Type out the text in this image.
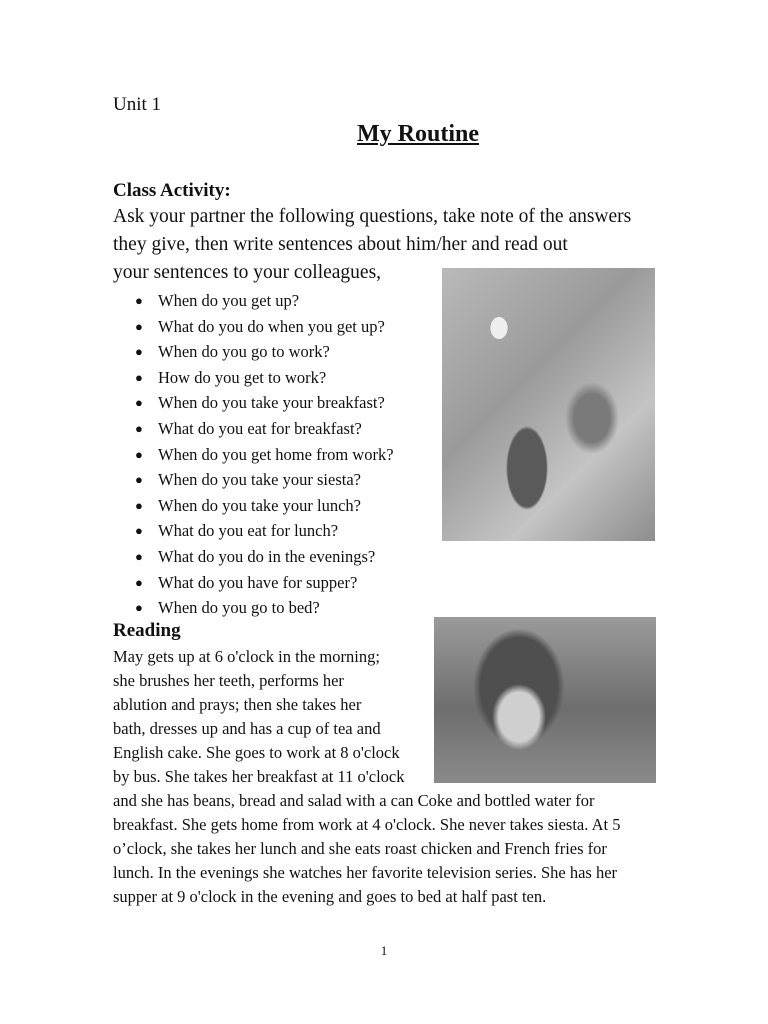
Unit 1
My Routine
Class Activity:
Ask your partner the following questions, take note of the answers
they give, then write sentences about him/her and read out
your sentences to your colleagues,
● When do you get up?
● What do you do when you get up?
● When do you go to work?
● How do you get to work?
● When do you take your breakfast?
● What do you eat for breakfast?
● When do you get home from work?
● When do you take your siesta?
● When do you take your lunch?
● What do you eat for lunch?
● What do you do in the evenings?
● What do you have for supper?
● When do you go to bed?
Reading
May gets up at 6 o'clock in the morning;
she brushes her teeth, performs her
ablution and prays; then she takes her
bath, dresses up and has a cup of tea and
English cake. She goes to work at 8 o'clock
by bus. She takes her breakfast at 11 o'clock
and she has beans, bread and salad with a can Coke and bottled water for
breakfast. She gets home from work at 4 o'clock. She never takes siesta. At 5
o’clock, she takes her lunch and she eats roast chicken and French fries for
lunch. In the evenings she watches her favorite television series. She has her
supper at 9 o'clock in the evening and goes to bed at half past ten.
1
